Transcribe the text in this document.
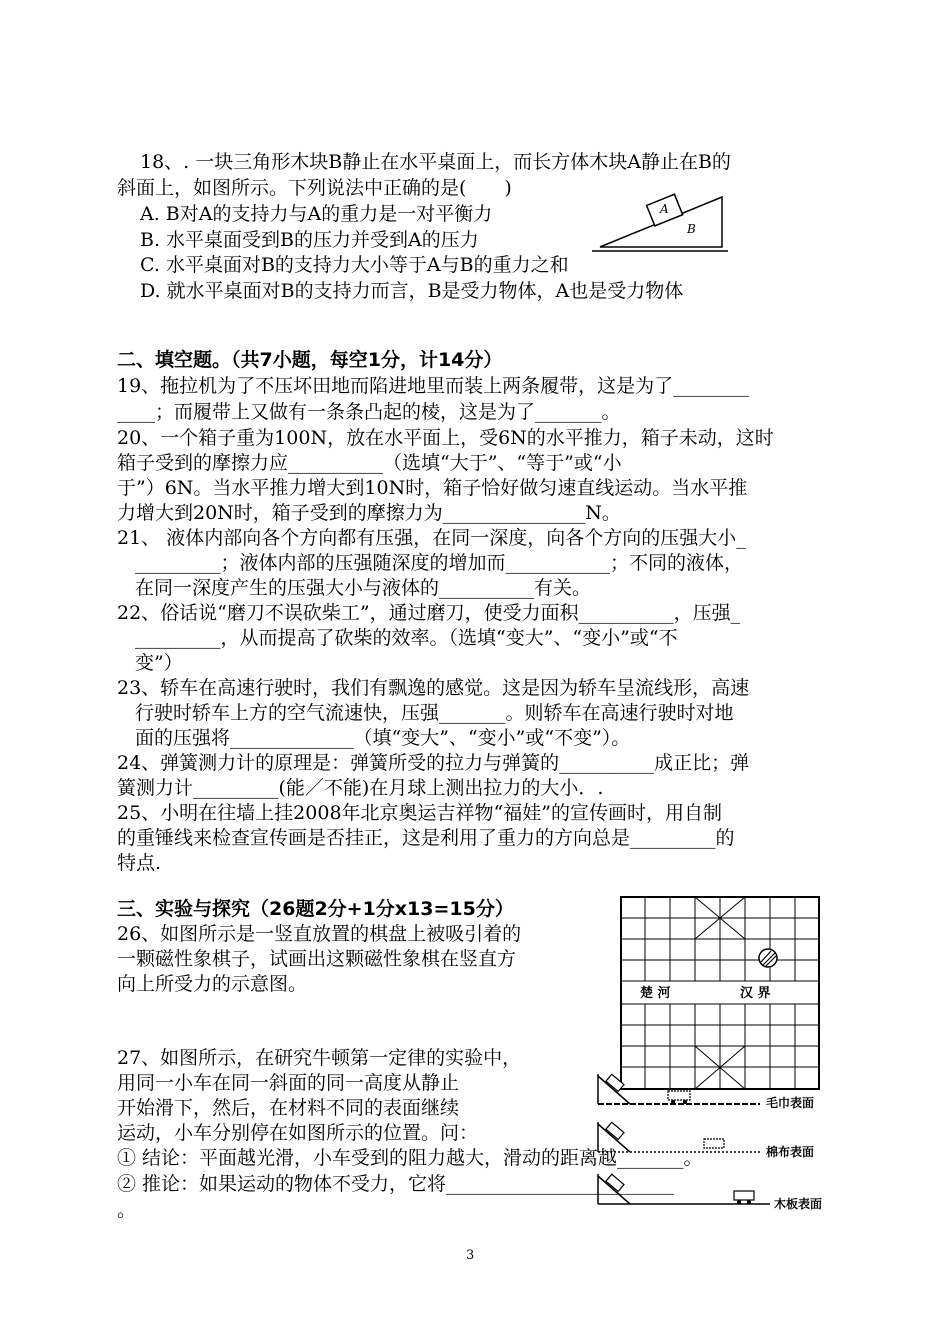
18、. 一块三角形木块B静止在水平桌面上，而长方体木块A静止在B的
斜面上，如图所示。下列说法中正确的是(　　)
A. B对A的支持力与A的重力是一对平衡力
B. 水平桌面受到B的压力并受到A的压力
C. 水平桌面对B的支持力大小等于A与B的重力之和
D. 就水平桌面对B的支持力而言，B是受力物体，A也是受力物体
A
B
二、填空题。（共7小题，每空1分，计14分）
19、拖拉机为了不压坏田地而陷进地里而装上两条履带，这是为了________
____；而履带上又做有一条条凸起的棱，这是为了_______。
20、一个箱子重为100N，放在水平面上，受6N的水平推力，箱子未动，这时
箱子受到的摩擦力应__________（选填“大于”、“等于”或“小
于”）6N。当水平推力增大到10N时，箱子恰好做匀速直线运动。当水平推
力增大到20N时，箱子受到的摩擦力为_______________N。
21、 液体内部向各个方向都有压强，在同一深度，向各个方向的压强大小_
_________；液体内部的压强随深度的增加而___________；不同的液体，
在同一深度产生的压强大小与液体的__________有关。
22、俗话说“磨刀不误砍柴工”，通过磨刀，使受力面积__________，压强_
_________，从而提高了砍柴的效率。（选填“变大”、“变小”或“不
变”）
23、轿车在高速行驶时，我们有飘逸的感觉。这是因为轿车呈流线形，高速
行驶时轿车上方的空气流速快，压强_______。则轿车在高速行驶时对地
面的压强将_____________（填“变大”、“变小”或“不变”）。
24、弹簧测力计的原理是：弹簧所受的拉力与弹簧的__________成正比；弹
簧测力计_________(能／不能)在月球上测出拉力的大小．.
25、小明在往墙上挂2008年北京奥运吉祥物“福娃”的宣传画时，用自制
的重锤线来检查宣传画是否挂正，这是利用了重力的方向总是_________的
特点.
三、实验与探究（26题2分+1分x13=15分）
26、如图所示是一竖直放置的棋盘上被吸引着的
一颗磁性象棋子，试画出这颗磁性象棋在竖直方
向上所受力的示意图。	楚 河	汉 界
27、如图所示，在研究牛顿第一定律的实验中，
用同一小车在同一斜面的同一高度从静止
开始滑下，然后，在材料不同的表面继续
运动，小车分别停在如图所示的位置。问：
毛巾表面
棉布表面
木板表面
① 结论：平面越光滑，小车受到的阻力越大，滑动的距离越_______。
② 推论：如果运动的物体不受力，它将________________________
。
3
